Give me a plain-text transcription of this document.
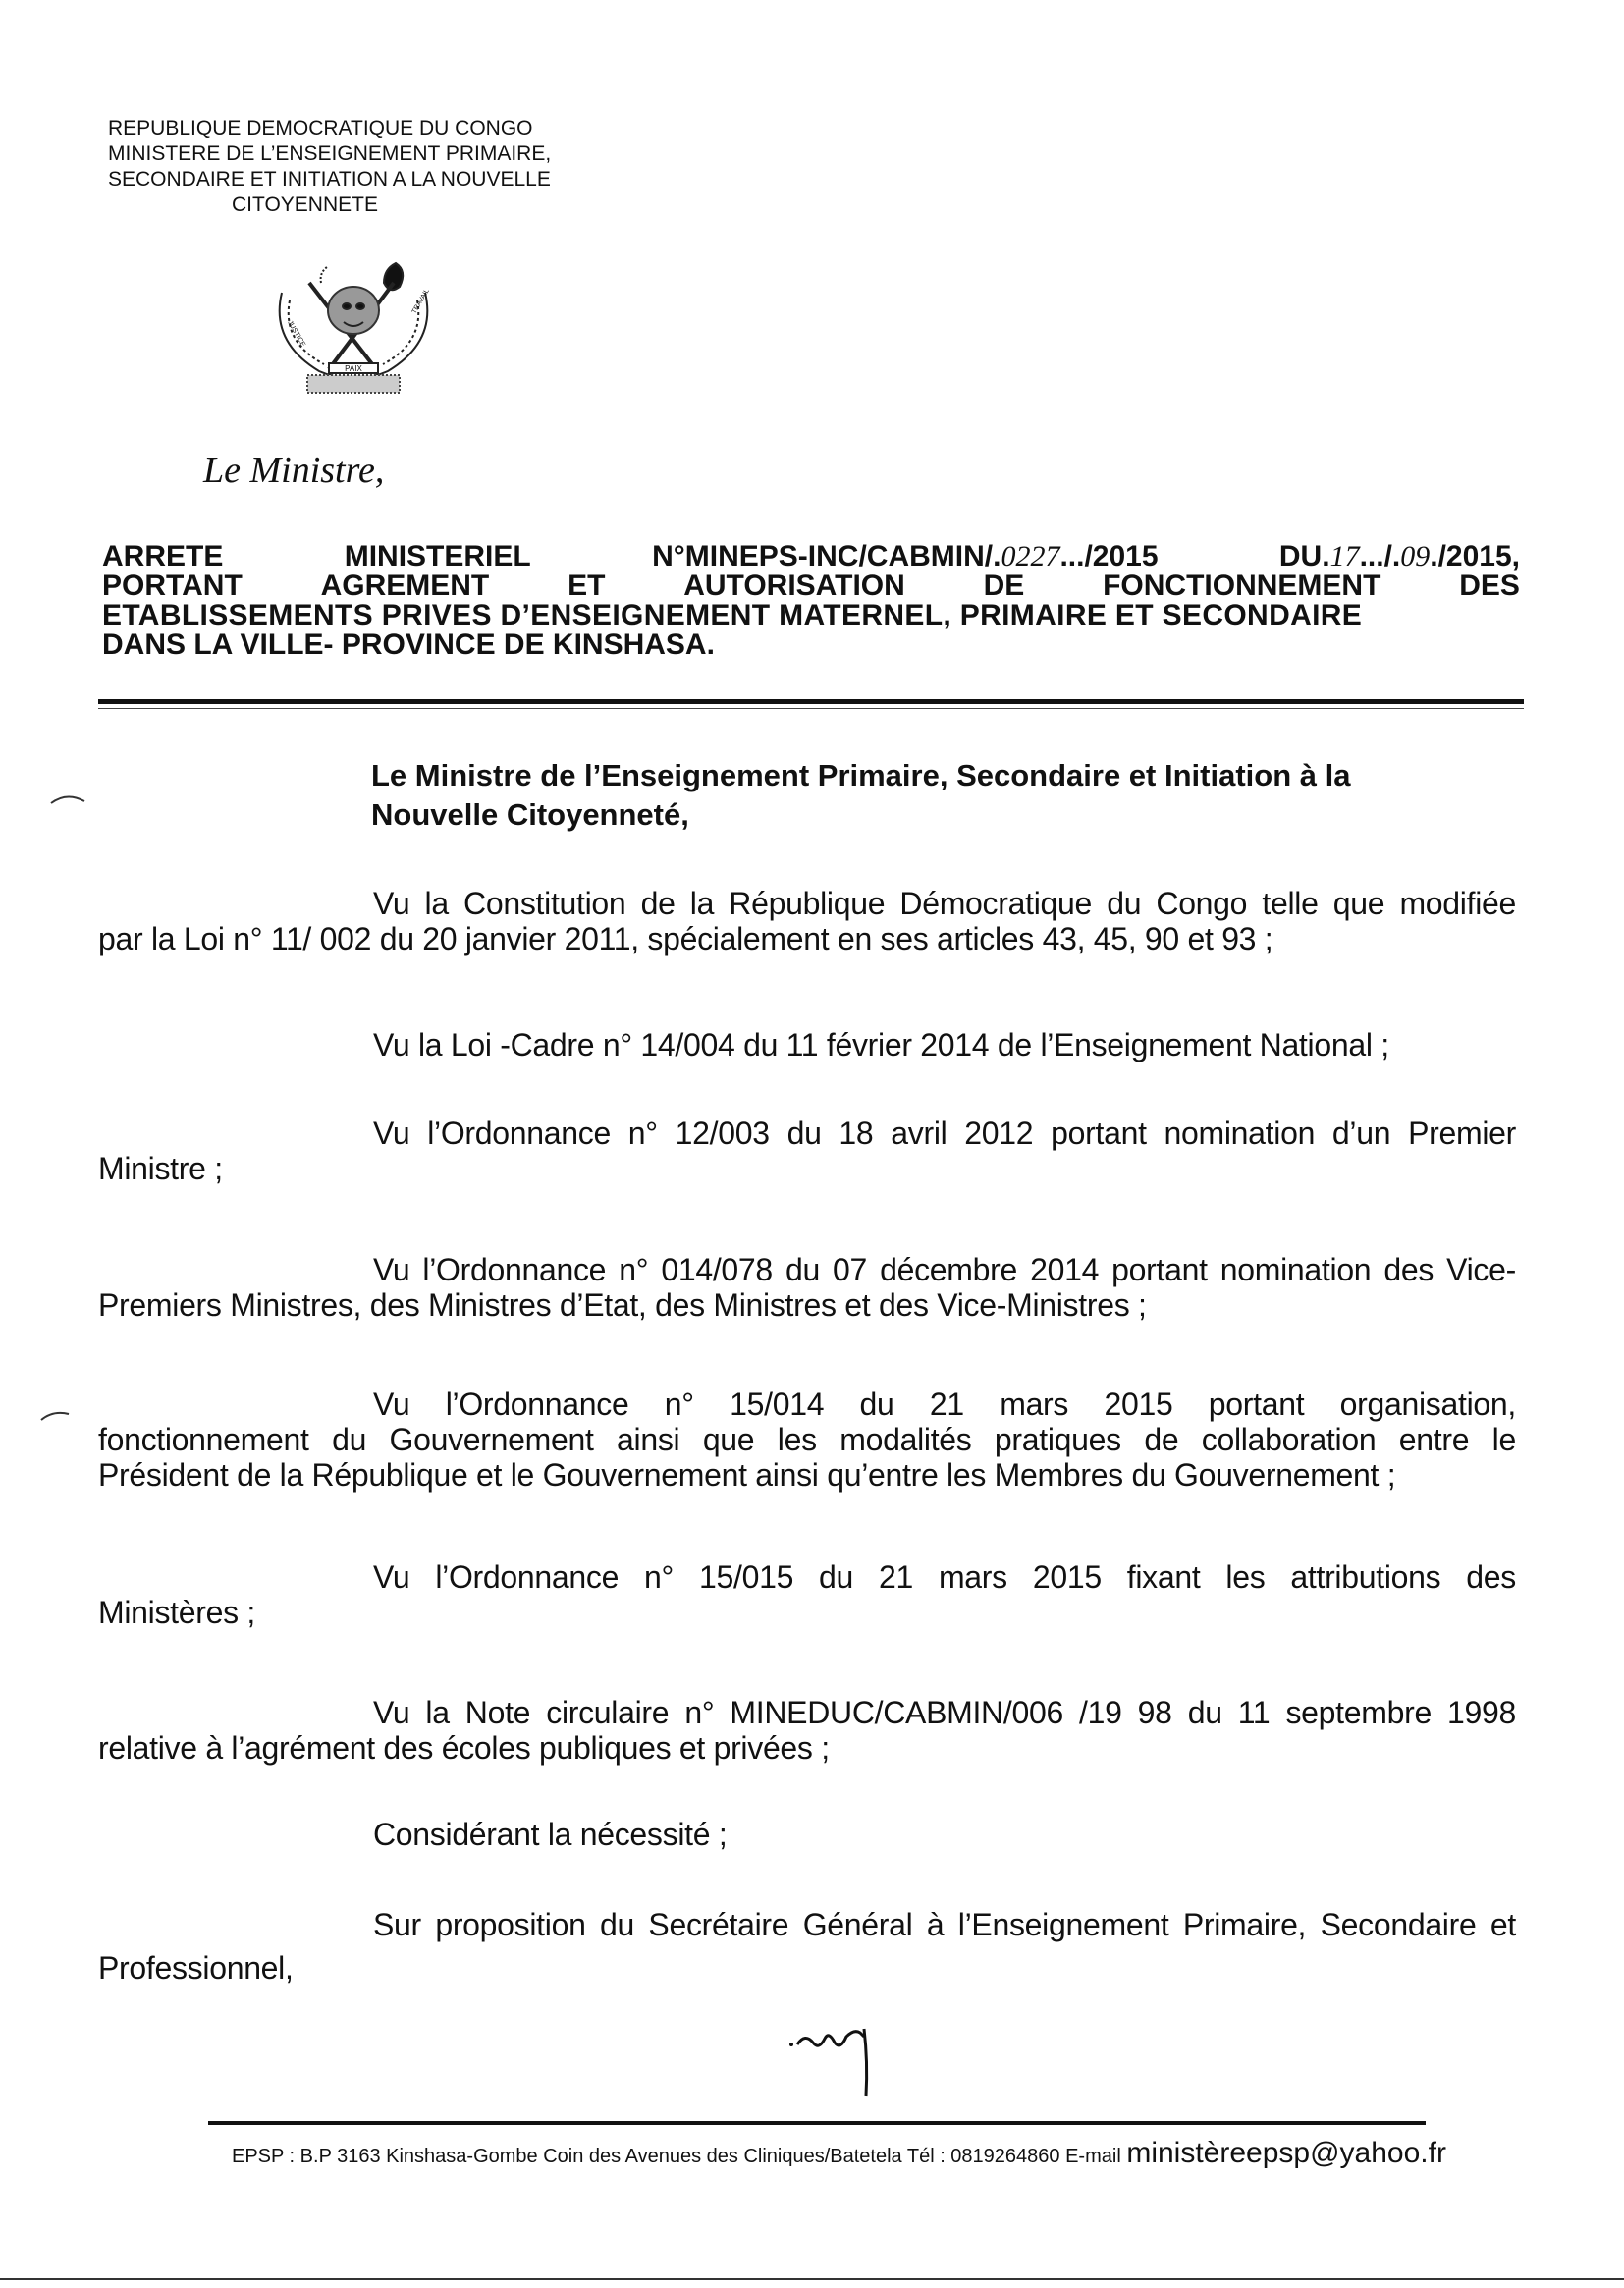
REPUBLIQUE DEMOCRATIQUE DU CONGO
MINISTERE DE L’ENSEIGNEMENT PRIMAIRE,
SECONDAIRE ET INITIATION A LA NOUVELLE
CITOYENNETE
PAIX
JUSTICE
TRAVAIL
Le Ministre,
ARRETE	MINISTERIEL	N°MINEPS-INC/CABMIN/.0227.../2015	DU.17.../.09./2015,
PORTANT	AGREMENT	ET	AUTORISATION	DE	FONCTIONNEMENT	DES
ETABLISSEMENTS PRIVES D’ENSEIGNEMENT MATERNEL, PRIMAIRE ET SECONDAIRE
DANS LA VILLE- PROVINCE DE KINSHASA.
Le Ministre de l’Enseignement Primaire, Secondaire et Initiation à la
Nouvelle Citoyenneté,

Vu la Constitution de la République Démocratique du Congo telle que modifiée

par la Loi n° 11/ 002 du 20 janvier 2011, spécialement en ses articles 43, 45, 90 et 93 ;

Vu la Loi -Cadre n° 14/004 du 11 février 2014 de l’Enseignement National ;

Vu l’Ordonnance n° 12/003 du 18 avril 2012 portant nomination d’un Premier

Ministre ;

Vu l’Ordonnance n° 014/078 du 07 décembre 2014 portant nomination des Vice-

Premiers Ministres, des Ministres d’Etat, des Ministres et des Vice-Ministres ;

Vu l’Ordonnance n° 15/014 du 21 mars 2015 portant organisation,

fonctionnement du Gouvernement ainsi que les modalités pratiques de collaboration entre le

Président de la République et le Gouvernement ainsi qu’entre les Membres du Gouvernement ;

Vu l’Ordonnance n° 15/015 du 21 mars 2015 fixant les attributions des

Ministères ;

Vu la Note circulaire n° MINEDUC/CABMIN/006 /19 98 du 11 septembre 1998

relative à l’agrément des écoles publiques et privées ;

Considérant la nécessité ;

Sur proposition du Secrétaire Général à l’Enseignement Primaire, Secondaire et

Professionnel,

EPSP : B.P 3163 Kinshasa-Gombe Coin des Avenues des Cliniques/Batetela Tél : 0819264860 E-mail ministèreepsp@yahoo.fr
